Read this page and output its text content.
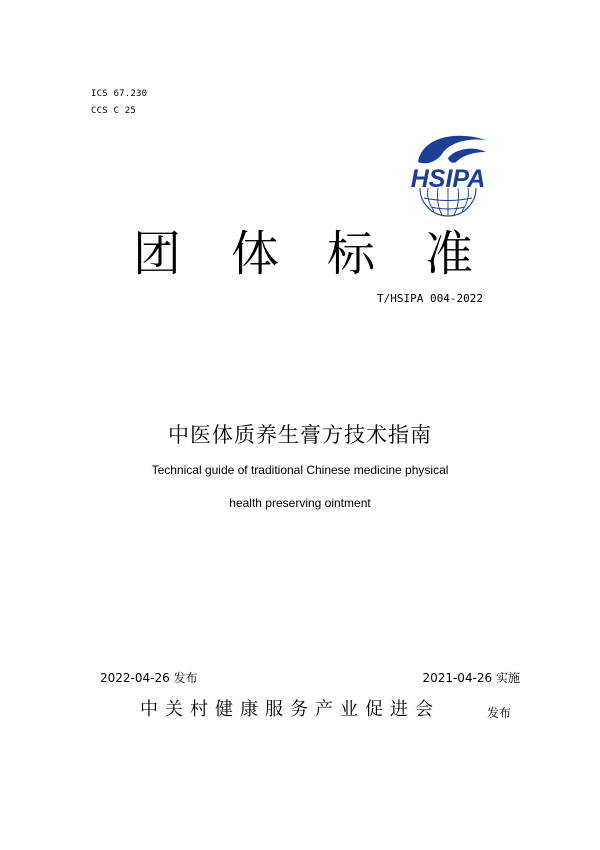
ICS 67.230
CCS C 25
HSIPA
团 体 标 准
T/HSIPA 004-2022
中医体质养生膏方技术指南
Technical guide of traditional Chinese medicine physical
health preserving ointment
2022-04-26 发布	2021-04-26 实施
中关村健康服务产业促进会	发布
